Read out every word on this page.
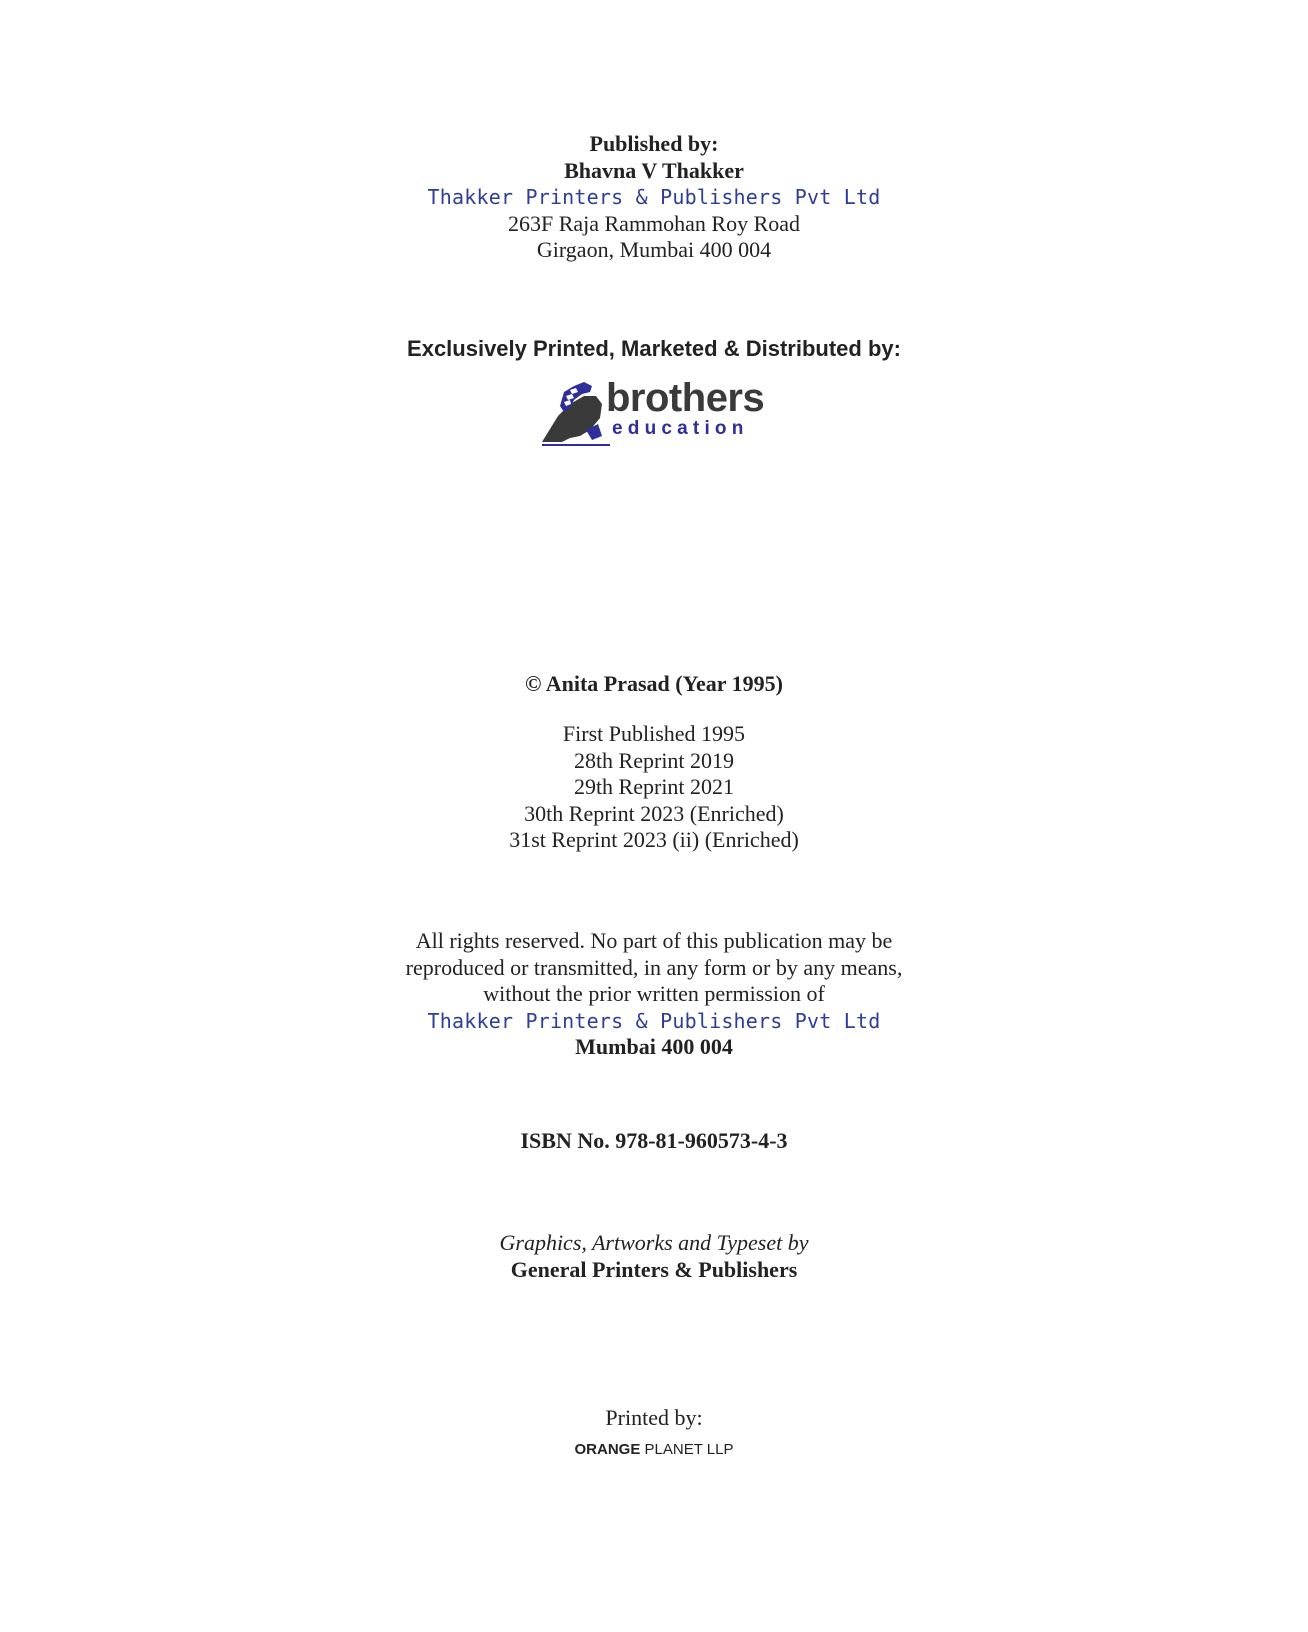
Published by:
Bhavna V Thakker
Thakker Printers & Publishers Pvt Ltd
263F Raja Rammohan Roy Road
Girgaon, Mumbai 400 004
Exclusively Printed, Marketed & Distributed by:
brothers
education
© Anita Prasad (Year 1995)
First Published 1995
28th Reprint 2019
29th Reprint 2021
30th Reprint 2023 (Enriched)
31st Reprint 2023 (ii) (Enriched)
All rights reserved. No part of this publication may be
reproduced or transmitted, in any form or by any means,
without the prior written permission of
Thakker Printers & Publishers Pvt Ltd
Mumbai 400 004
ISBN No. 978-81-960573-4-3
Graphics, Artworks and Typeset by
General Printers & Publishers
Printed by:
ORANGE PLANET LLP
